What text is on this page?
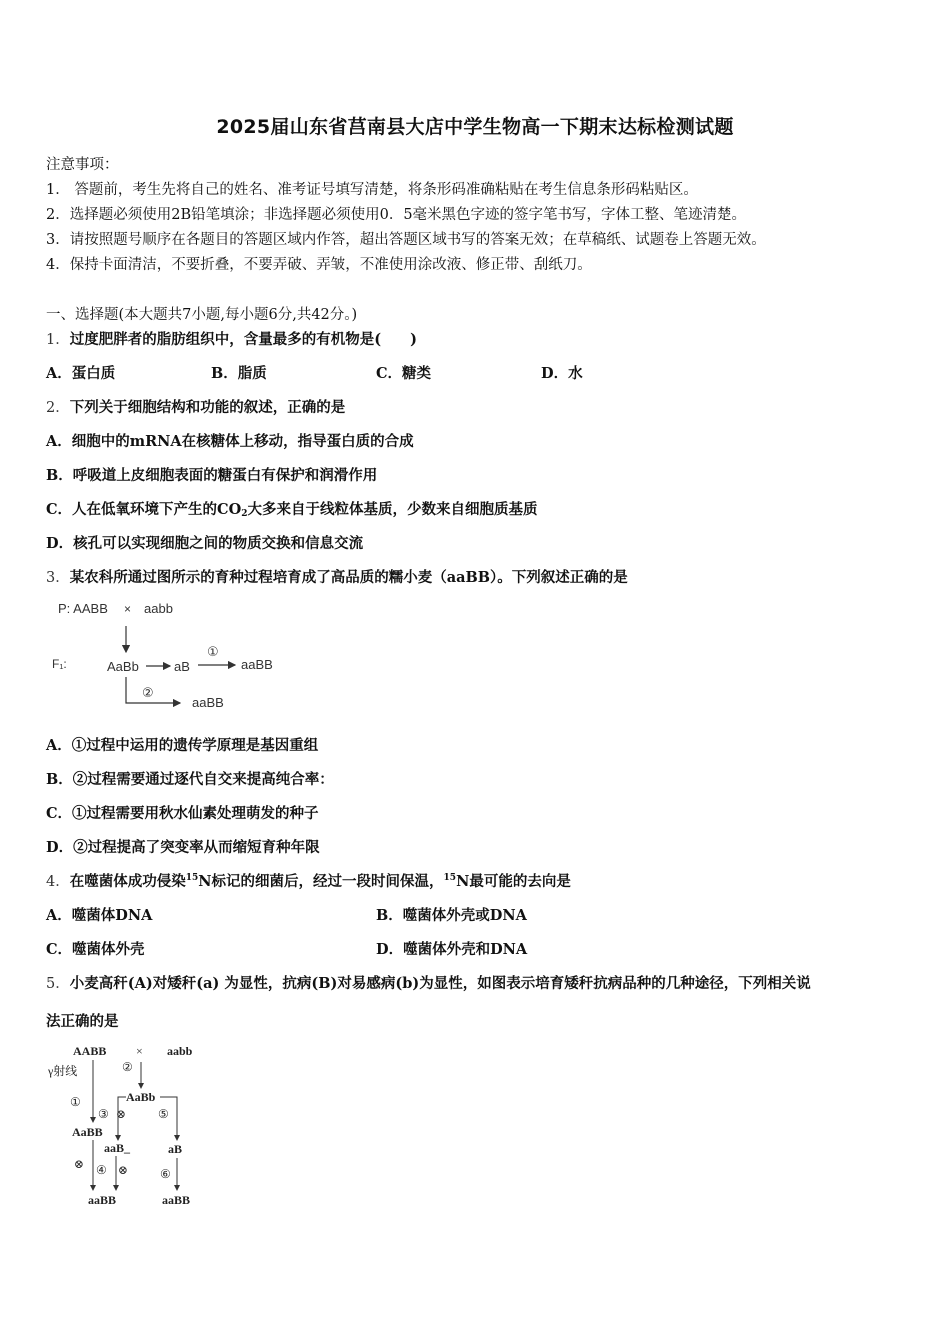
2025届山东省莒南县大店中学生物高一下期末达标检测试题
注意事项：
1． 答题前，考生先将自己的姓名、准考证号填写清楚，将条形码准确粘贴在考生信息条形码粘贴区。
2．选择题必须使用2B铅笔填涂；非选择题必须使用0．5毫米黑色字迹的签字笔书写，字体工整、笔迹清楚。
3．请按照题号顺序在各题目的答题区域内作答，超出答题区域书写的答案无效；在草稿纸、试题卷上答题无效。
4．保持卡面清洁，不要折叠，不要弄破、弄皱，不准使用涂改液、修正带、刮纸刀。
一、选择题(本大题共7小题,每小题6分,共42分。)
1．过度肥胖者的脂肪组织中，含量最多的有机物是(　　)
A．蛋白质	B．脂质	C．糖类	D．水
2．下列关于细胞结构和功能的叙述，正确的是
A．细胞中的mRNA在核糖体上移动，指导蛋白质的合成
B．呼吸道上皮细胞表面的糖蛋白有保护和润滑作用
C．人在低氧环境下产生的$CO_2$大多来自于线粒体基质，少数来自细胞质基质
D．核孔可以实现细胞之间的物质交换和信息交流
3．某农科所通过图所示的育种过程培育成了高品质的糯小麦（aaBB）。下列叙述正确的是
P: AABB × aabb
F₁:	AaBb	aB
①
aaBB
②
aaBB
A．①过程中运用的遗传学原理是基因重组
B．②过程需要通过逐代自交来提高纯合率：
C．①过程需要用秋水仙素处理萌发的种子
D．②过程提高了突变率从而缩短育种年限
4．在噬菌体成功侵染$^{15}$N标记的细菌后，经过一段时间保温，$^{15}$N最可能的去向是
A．噬菌体DNA	B．噬菌体外壳或DNA
C．噬菌体外壳	D．噬菌体外壳和DNA
5．小麦高秆(A)对矮秆(a) 为显性，抗病(B)对易感病(b)为显性，如图表示培育矮秆抗病品种的几种途径，下列相关说
法正确的是
AABB × aabb
γ射线
①
②
AaBb
③ ⊗	⑤
AaBB
aaB_	aB
⊗ ④ ⊗	⑥
aaBB	aaBB
